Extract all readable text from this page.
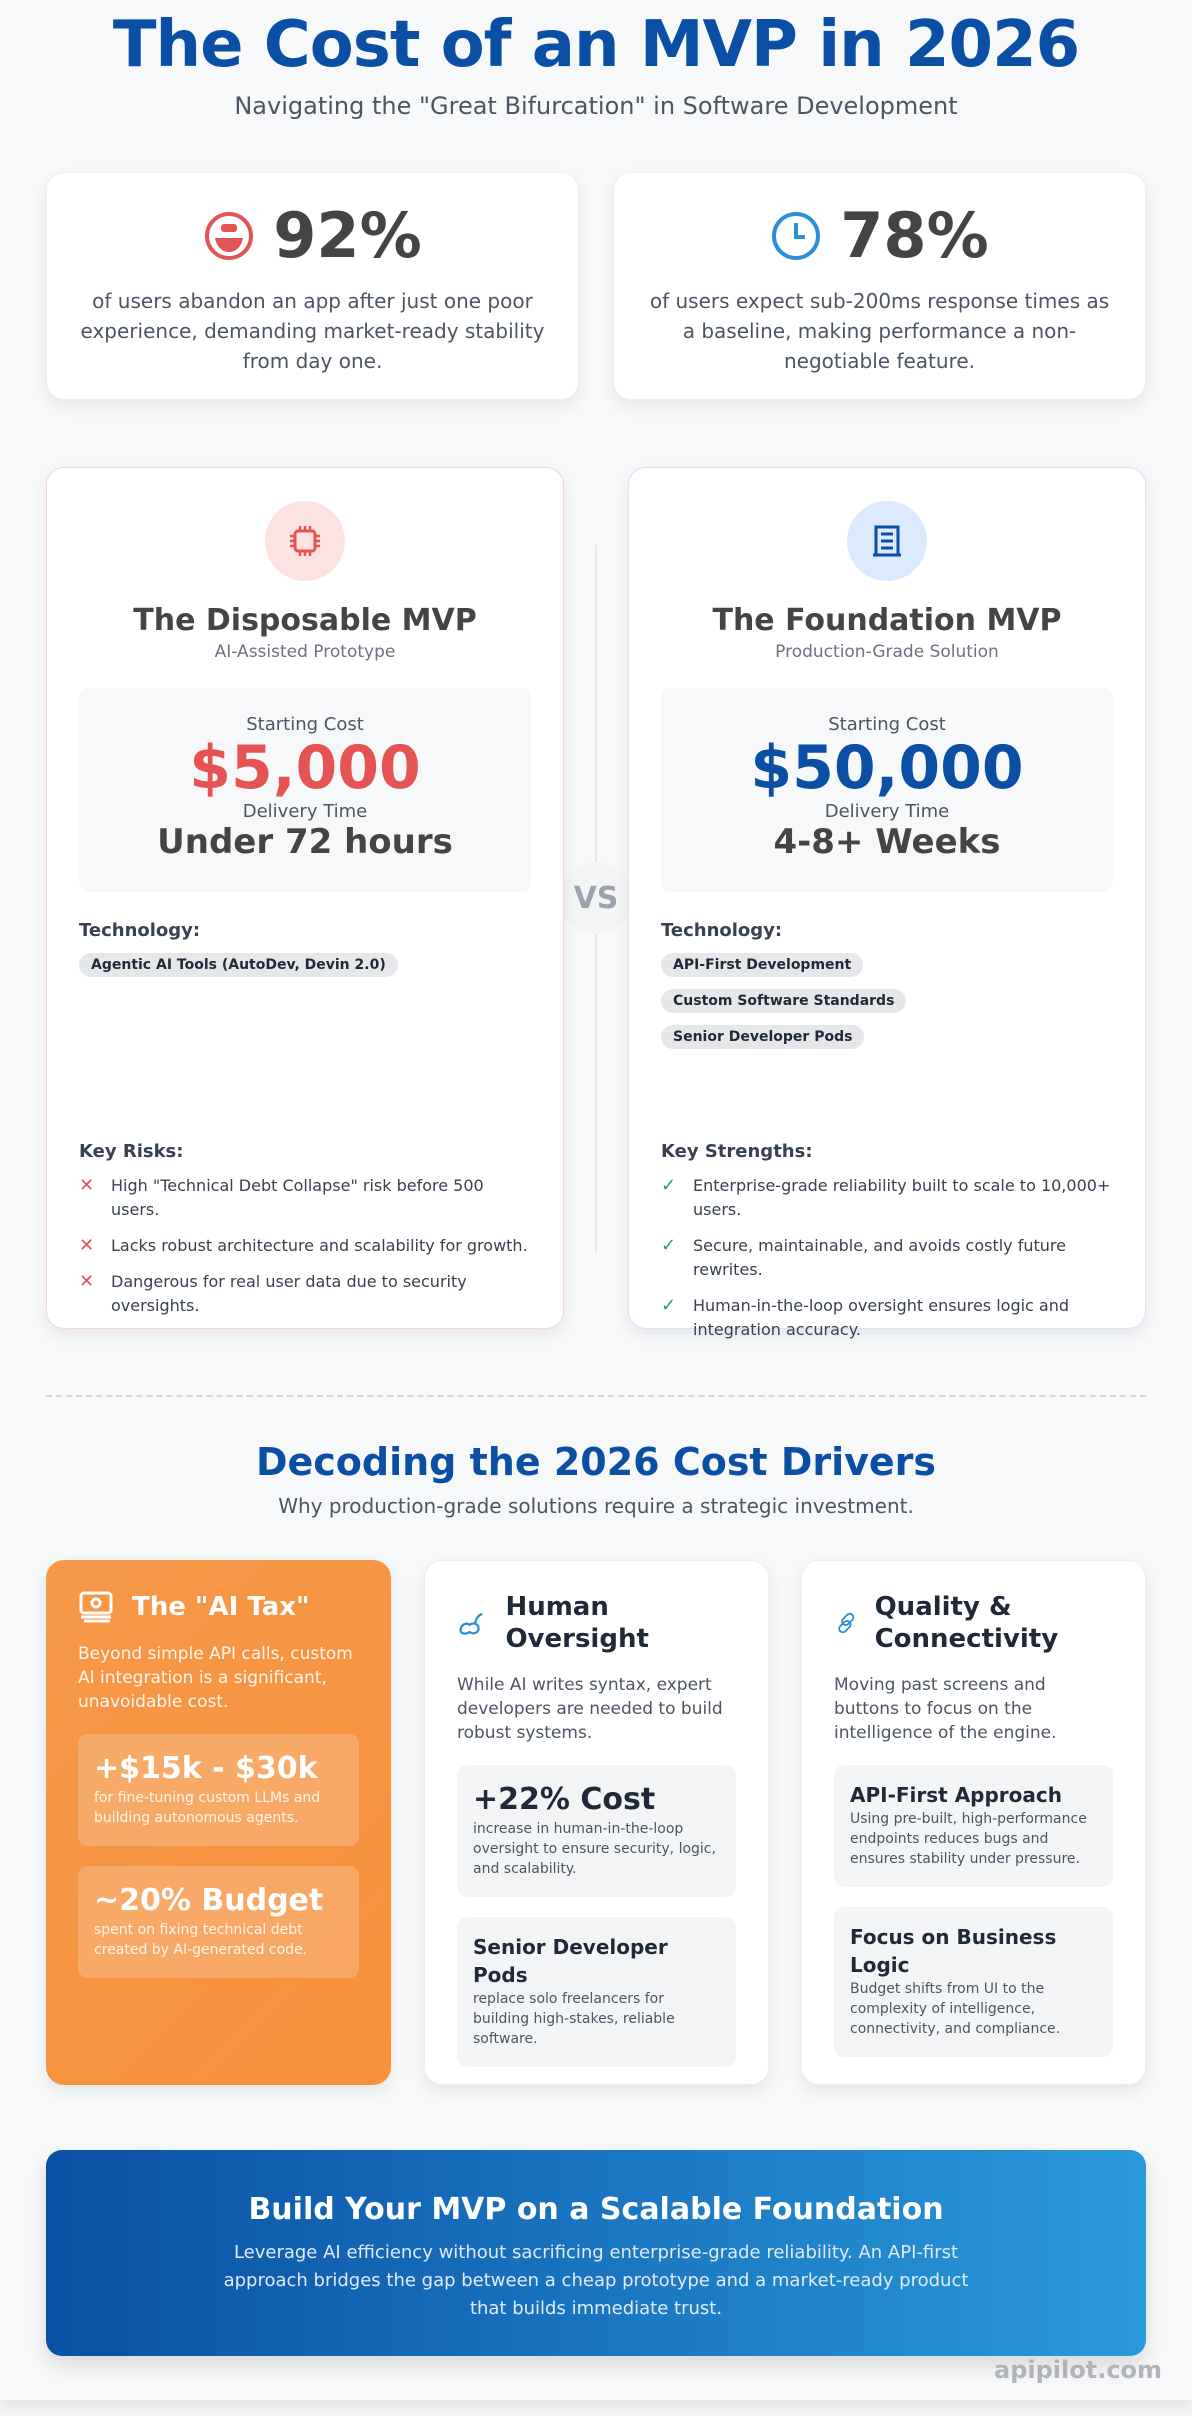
The Cost of an MVP in 2026
Navigating the "Great Bifurcation" in Software Development
92%
of users abandon an app after just one poor experience, demanding market-ready stability from day one.
78%
of users expect sub-200ms response times as a baseline, making performance a non-negotiable feature.
VS
The Disposable MVP
AI-Assisted Prototype
Starting Cost
$5,000
Delivery Time
Under 72 hours
Technology:
Agentic AI Tools (AutoDev, Devin 2.0)
Key Risks:
✕ High "Technical Debt Collapse" risk before 500 users.
✕ Lacks robust architecture and scalability for growth.
✕ Dangerous for real user data due to security oversights.
The Foundation MVP
Production-Grade Solution
Starting Cost
$50,000
Delivery Time
4-8+ Weeks
Technology:
API-First Development
Custom Software Standards
Senior Developer Pods
Key Strengths:
✓ Enterprise-grade reliability built to scale to 10,000+ users.
✓ Secure, maintainable, and avoids costly future rewrites.
✓ Human-in-the-loop oversight ensures logic and integration accuracy.
Decoding the 2026 Cost Drivers
Why production-grade solutions require a strategic investment.
The "AI Tax"
Beyond simple API calls, custom AI integration is a significant, unavoidable cost.
+$15k - $30k
for fine-tuning custom LLMs and building autonomous agents.
~20% Budget
spent on fixing technical debt created by AI-generated code.
Human Oversight
While AI writes syntax, expert developers are needed to build robust systems.
+22% Cost
increase in human-in-the-loop oversight to ensure security, logic, and scalability.
Senior Developer Pods
replace solo freelancers for building high-stakes, reliable software.
Quality & Connectivity
Moving past screens and buttons to focus on the intelligence of the engine.
API-First Approach
Using pre-built, high-performance endpoints reduces bugs and ensures stability under pressure.
Focus on Business Logic
Budget shifts from UI to the complexity of intelligence, connectivity, and compliance.
Build Your MVP on a Scalable Foundation
Leverage AI efficiency without sacrificing enterprise-grade reliability. An API-first approach bridges the gap between a cheap prototype and a market-ready product that builds immediate trust.
apipilot.com
